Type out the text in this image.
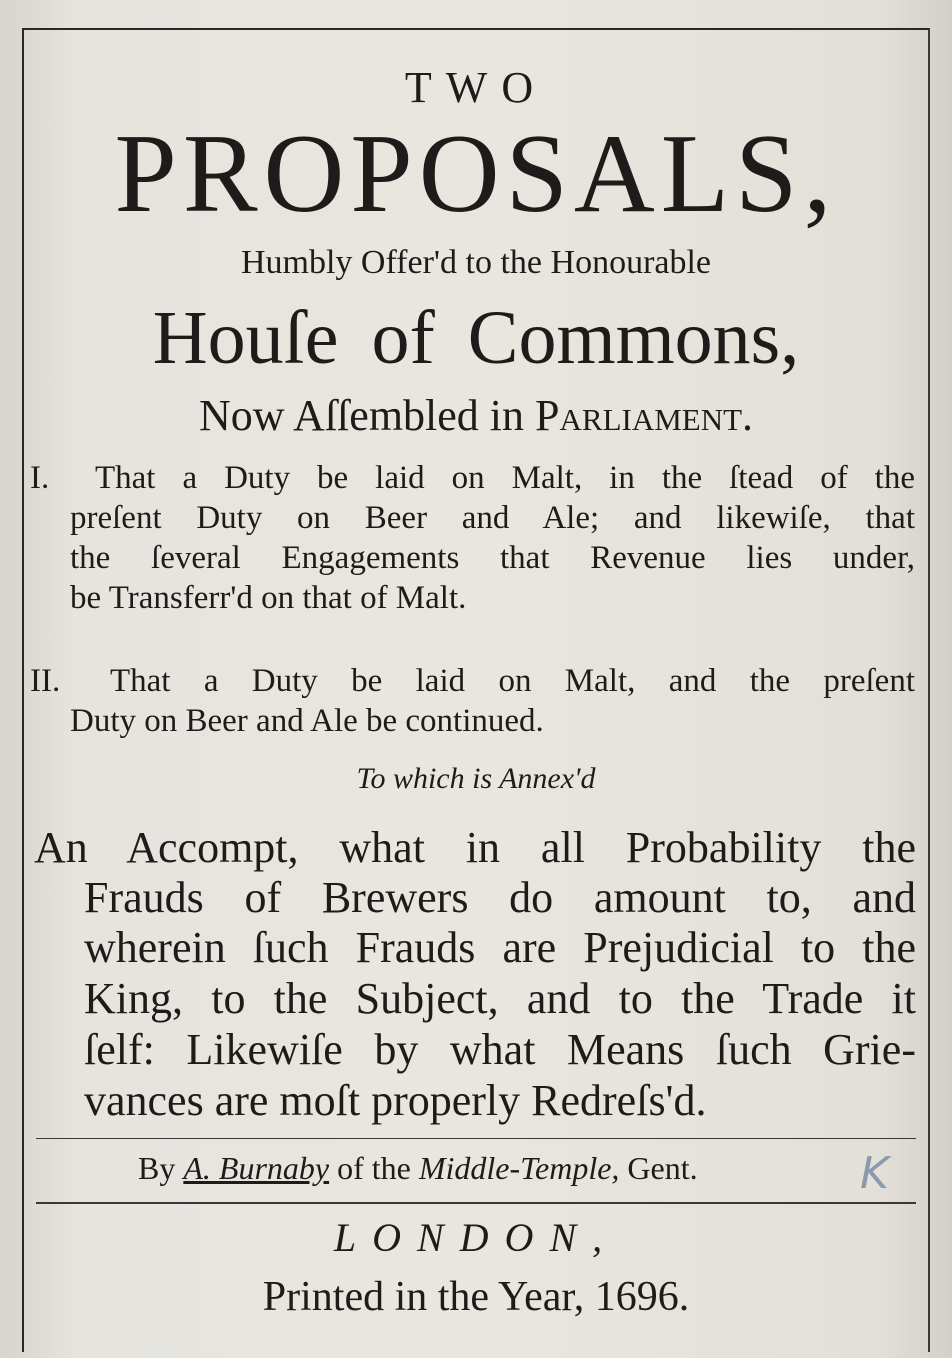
TWO
PROPOSALS,
Humbly Offer'd to the Honourable
Houſe of Commons,
Now Aſſembled in Parliament.
I. That a Duty be laid on Malt, in the ſtead of the
preſent Duty on Beer and Ale; and likewiſe, that
the ſeveral Engagements that Revenue lies under,
be Transferr'd on that of Malt.
II. That a Duty be laid on Malt, and the preſent
Duty on Beer and Ale be continued.
To which is Annex'd
An Accompt, what in all Probability the
Frauds of Brewers do amount to, and
wherein ſuch Frauds are Prejudicial to the
King, to the Subject, and to the Trade it
ſelf: Likewiſe by what Means ſuch Grie-
vances are moſt properly Redreſs'd.
By A. Burnaby of the Middle-Temple, Gent.	K
LONDON,
Printed in the Year, 1696.
